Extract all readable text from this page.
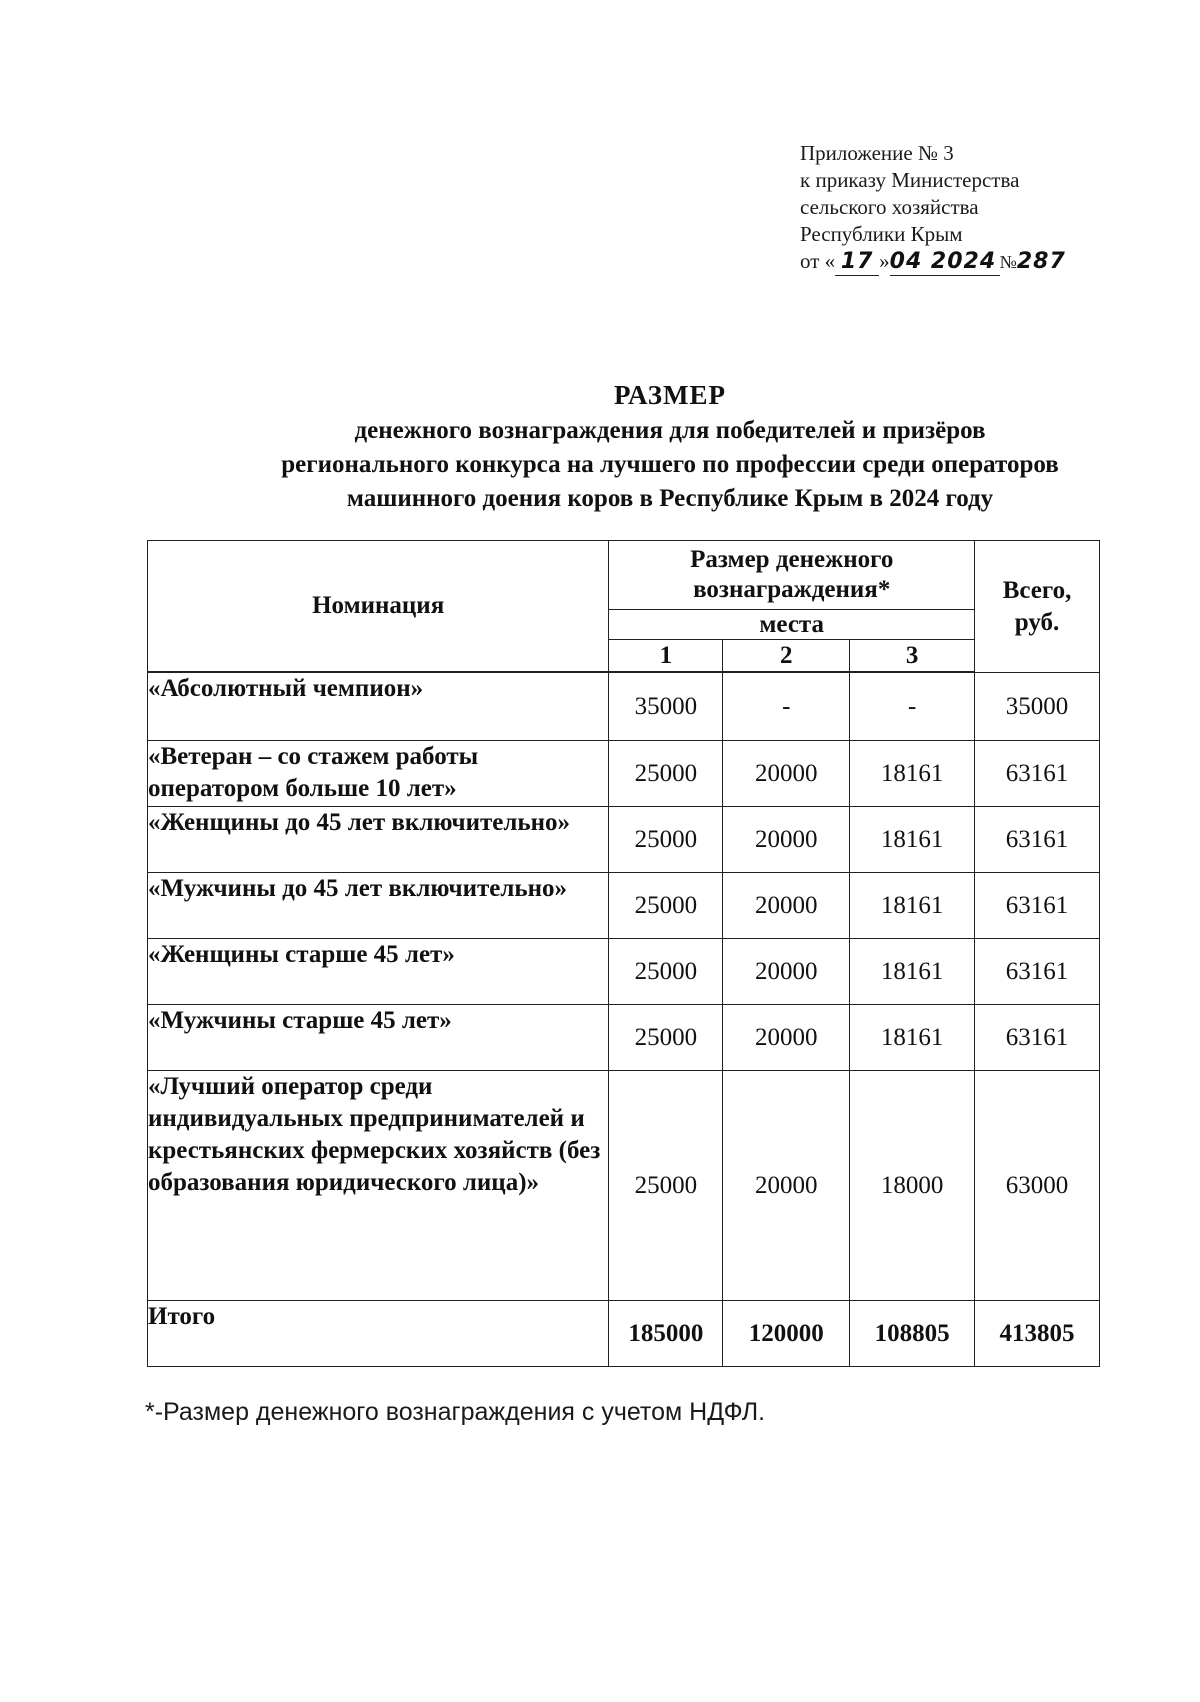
Приложение № 3
к приказу Министерства
сельского хозяйства
Республики Крым
от « 17 »04 2024 №287
РАЗМЕР
денежного вознаграждения для победителей и призёров
регионального конкурса на лучшего по профессии среди операторов
машинного доения коров в Республике Крым в 2024 году
Номинация	Размер денежного вознаграждения*			Всего, руб.
	места			
	1	2	3	

«Абсолютный чемпион»	35000	-	-	35000
«Ветеран – со стажем работы оператором больше 10 лет»	25000	20000	18161	63161
«Женщины до 45 лет включительно»	25000	20000	18161	63161
«Мужчины до 45 лет включительно»	25000	20000	18161	63161
«Женщины старше 45 лет»	25000	20000	18161	63161
«Мужчины старше 45 лет»	25000	20000	18161	63161
«Лучший оператор среди индивидуальных предпринимателей и крестьянских фермерских хозяйств (без образования юридического лица)»	25000	20000	18000	63000
Итого	185000	120000	108805	413805
*-Размер денежного вознаграждения с учетом НДФЛ.
